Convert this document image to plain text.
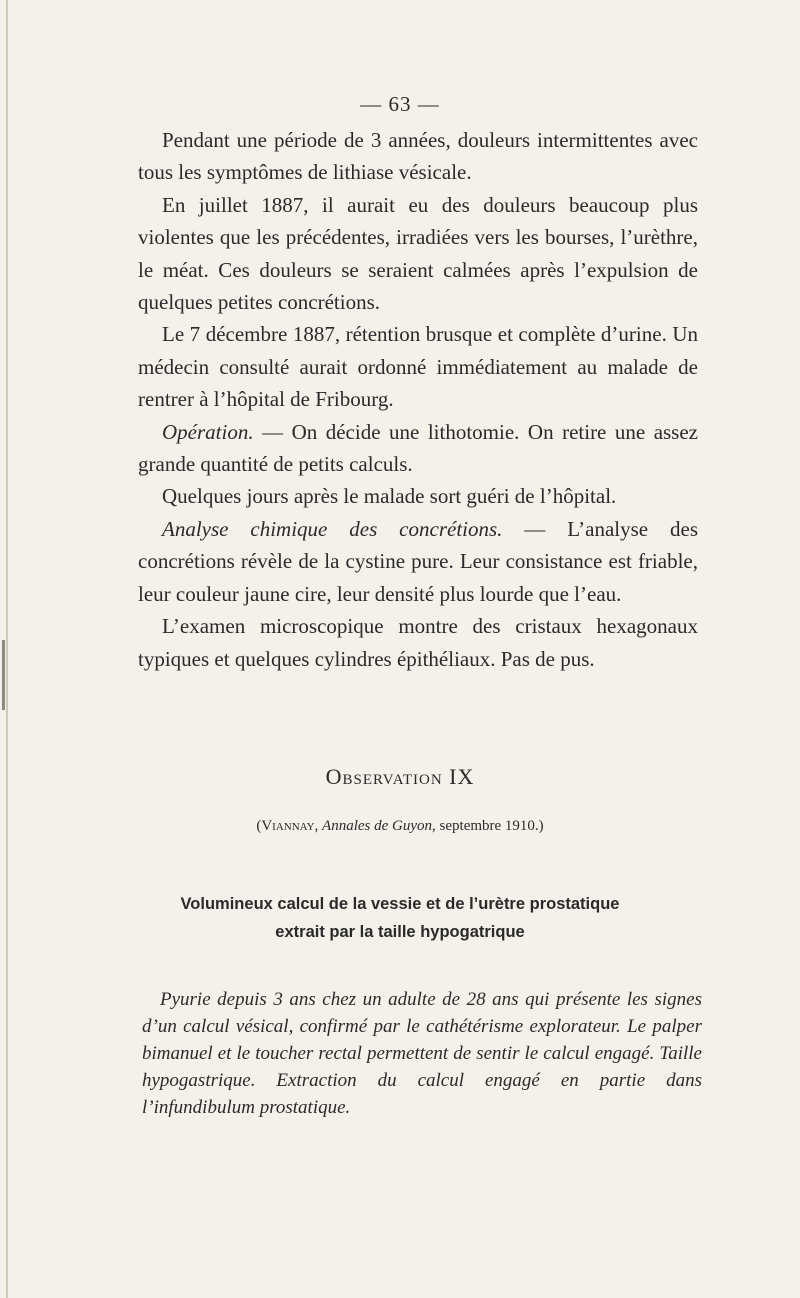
— 63 —

Pendant une période de 3 années, douleurs intermittentes avec tous les symptômes de lithiase vésicale.

En juillet 1887, il aurait eu des douleurs beaucoup plus violentes que les précédentes, irradiées vers les bourses, l’urèthre, le méat. Ces douleurs se seraient calmées après l’expulsion de quelques petites concrétions.

Le 7 décembre 1887, rétention brusque et complète d’urine. Un médecin consulté aurait ordonné immédiatement au malade de rentrer à l’hôpital de Fribourg.

Opération. — On décide une lithotomie. On retire une assez grande quantité de petits calculs.

Quelques jours après le malade sort guéri de l’hôpital.

Analyse chimique des concrétions. — L’analyse des concrétions révèle de la cystine pure. Leur consistance est friable, leur couleur jaune cire, leur densité plus lourde que l’eau.

L’examen microscopique montre des cristaux hexagonaux typiques et quelques cylindres épithéliaux. Pas de pus.

Observation IX
(Viannay, Annales de Guyon, septembre 1910.)
Volumineux calcul de la vessie et de l’urètre prostatique
extrait par la taille hypogatrique
Pyurie depuis 3 ans chez un adulte de 28 ans qui présente les signes d’un calcul vésical, confirmé par le cathétérisme explorateur. Le palper bimanuel et le toucher rectal permettent de sentir le calcul engagé. Taille hypogastrique. Extraction du calcul engagé en partie dans l’infundibulum prostatique.
